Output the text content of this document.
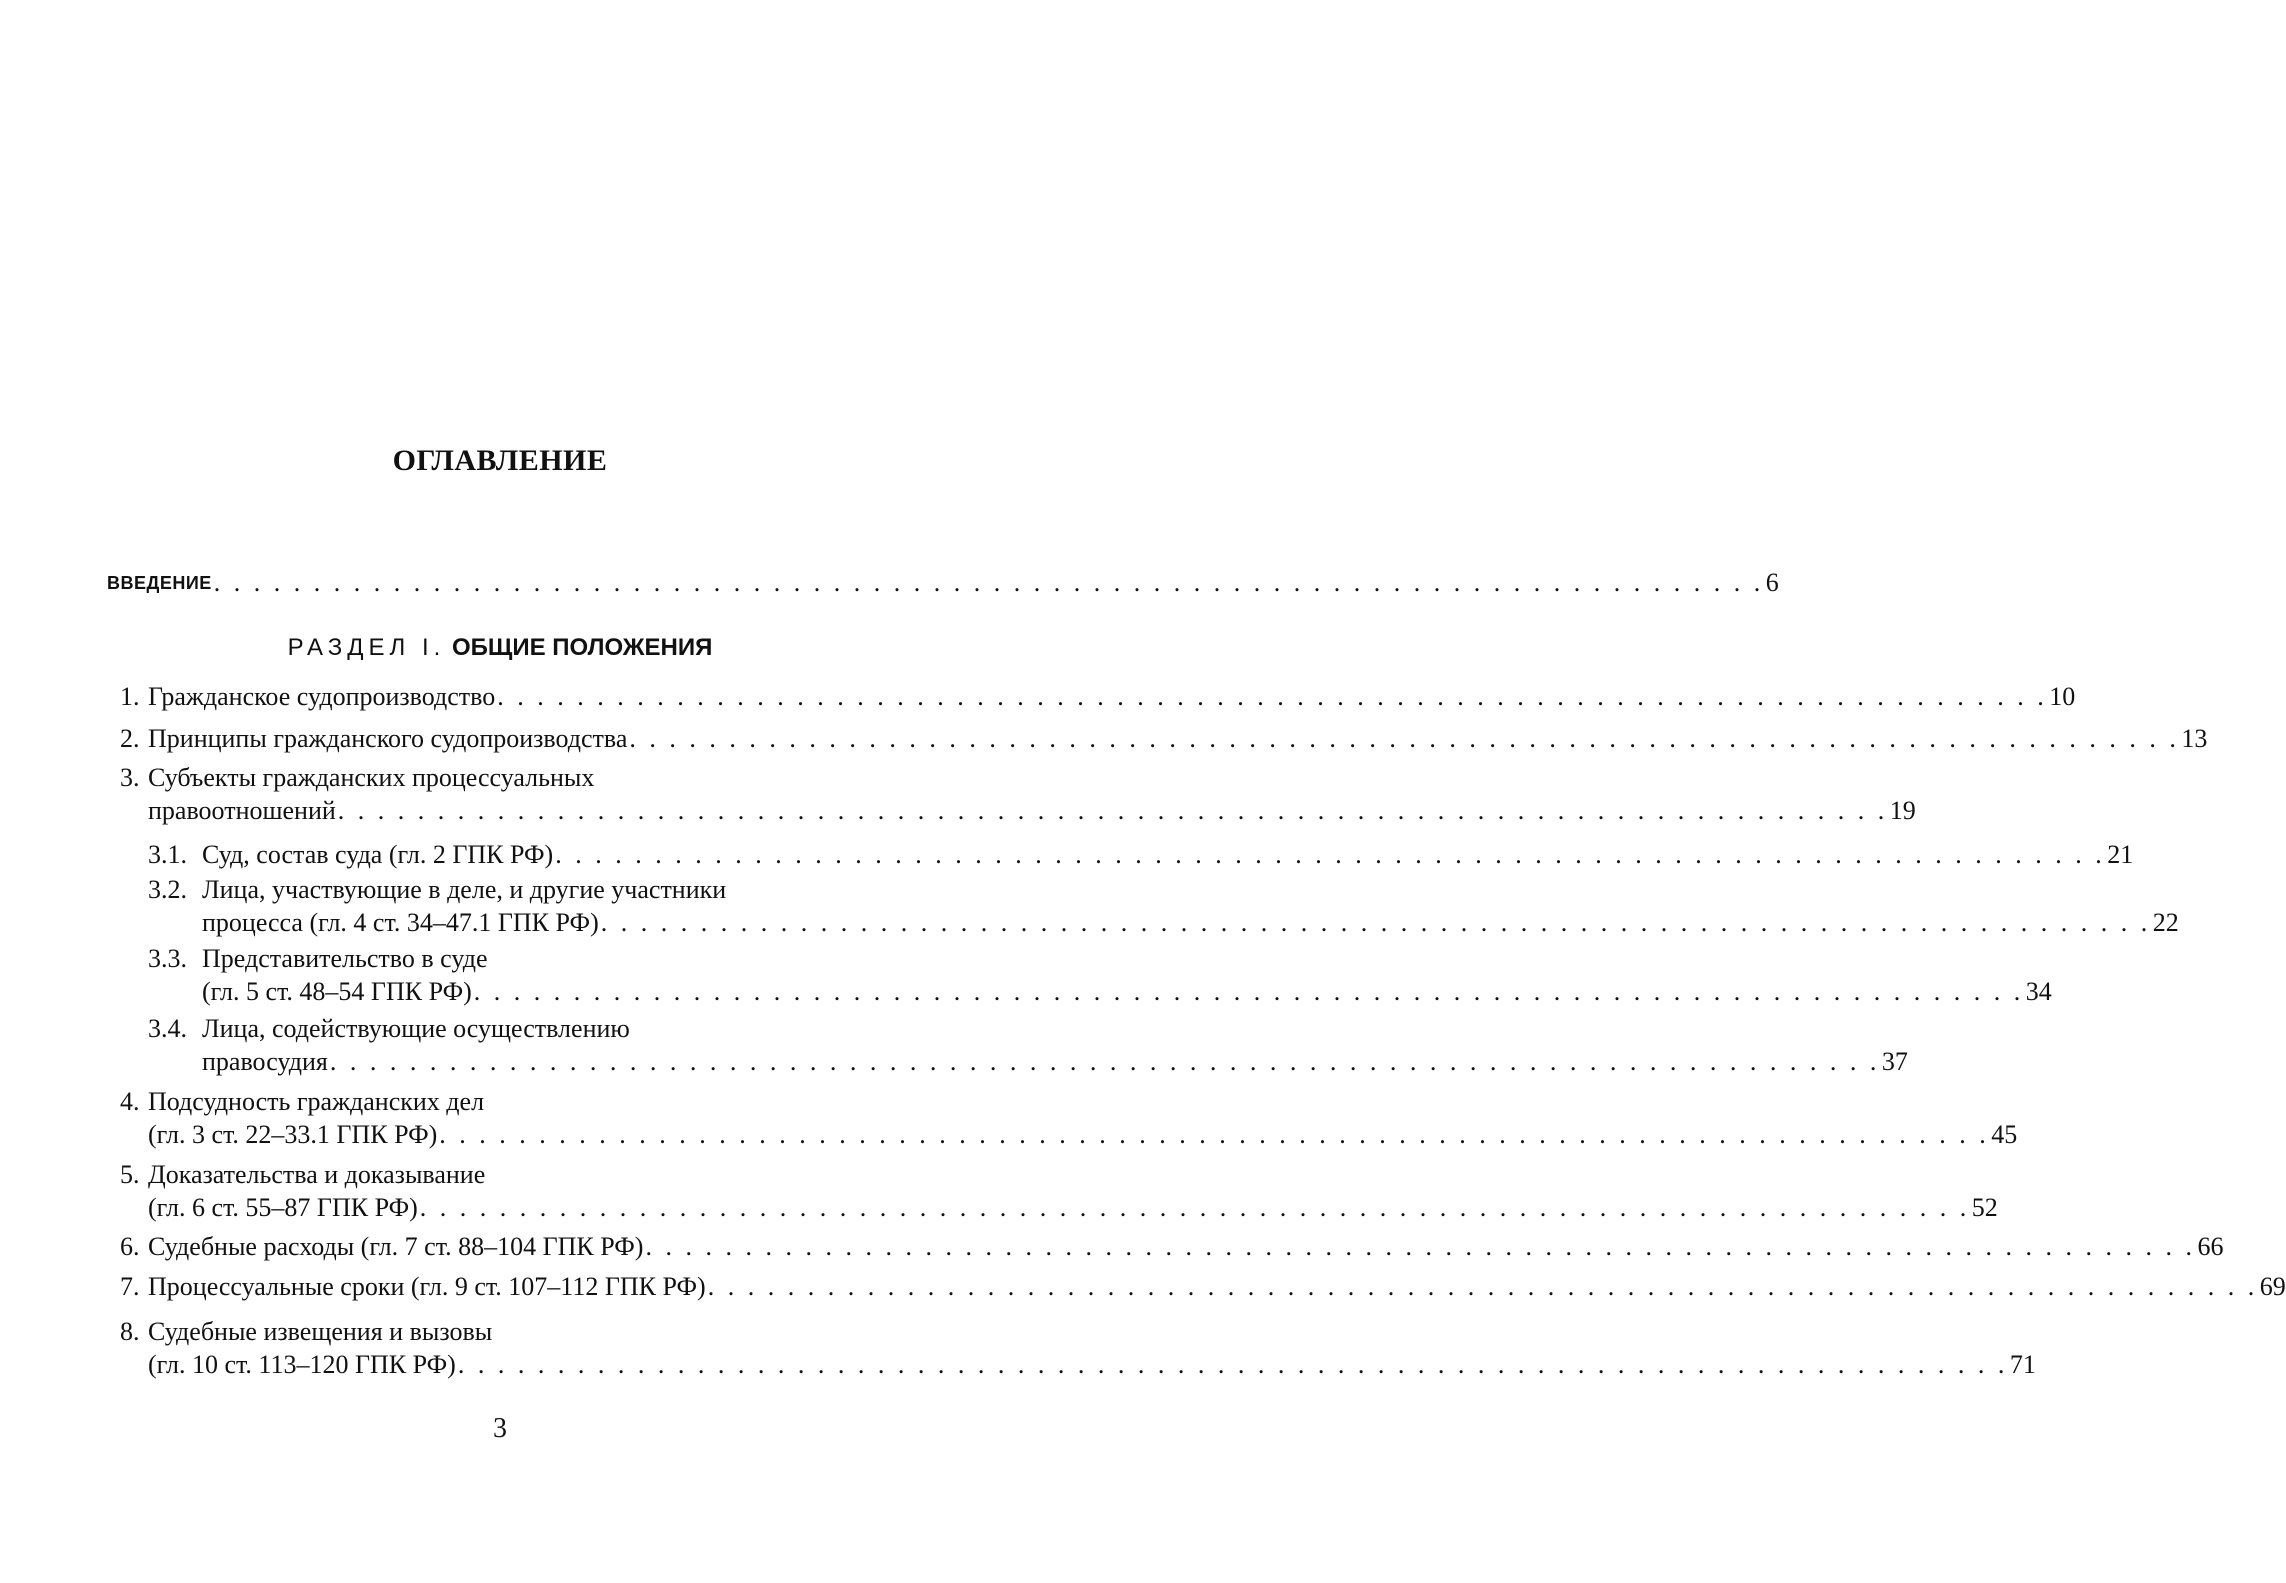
ОГЛАВЛЕНИЕ
ВВЕДЕНИЕ . . . . . . . . . . . . . . . . . . . . . . . . . . . . . . . . . . . . . . . . . . . . . . . . . . . . . . . . . . . . . . . . . . . . . . . . . . . . . . 6
РАЗДЕЛ I. ОБЩИЕ ПОЛОЖЕНИЯ
1. Гражданское судопроизводство . . . . . . . . . . . . . . . . . . . . . . . . . . . . . . . . . . . . . . . . . . . . . . . . . . . . . . . . . . . . . . . . . . . . . . . . . . . . . . 10
2. Принципы гражданского судопроизводства . . . . . . . . . . . . . . . . . . . . . . . . . . . . . . . . . . . . . . . . . . . . . . . . . . . . . . . . . . . . . . . . . . . . . . . . . . . . . . 13
3. Субъекты гражданских процессуальных
правоотношений . . . . . . . . . . . . . . . . . . . . . . . . . . . . . . . . . . . . . . . . . . . . . . . . . . . . . . . . . . . . . . . . . . . . . . . . . . . . . . 19
3.1. Суд, состав суда (гл. 2 ГПК РФ) . . . . . . . . . . . . . . . . . . . . . . . . . . . . . . . . . . . . . . . . . . . . . . . . . . . . . . . . . . . . . . . . . . . . . . . . . . . . . . 21
3.2. Лица, участвующие в деле, и другие участники
процесса (гл. 4 ст. 34–47.1 ГПК РФ) . . . . . . . . . . . . . . . . . . . . . . . . . . . . . . . . . . . . . . . . . . . . . . . . . . . . . . . . . . . . . . . . . . . . . . . . . . . . . . 22
3.3. Представительство в суде
(гл. 5 ст. 48–54 ГПК РФ) . . . . . . . . . . . . . . . . . . . . . . . . . . . . . . . . . . . . . . . . . . . . . . . . . . . . . . . . . . . . . . . . . . . . . . . . . . . . . . 34
3.4. Лица, содействующие осуществлению
правосудия . . . . . . . . . . . . . . . . . . . . . . . . . . . . . . . . . . . . . . . . . . . . . . . . . . . . . . . . . . . . . . . . . . . . . . . . . . . . . . 37
4. Подсудность гражданских дел
(гл. 3 ст. 22–33.1 ГПК РФ) . . . . . . . . . . . . . . . . . . . . . . . . . . . . . . . . . . . . . . . . . . . . . . . . . . . . . . . . . . . . . . . . . . . . . . . . . . . . . . 45
5. Доказательства и доказывание
(гл. 6 ст. 55–87 ГПК РФ) . . . . . . . . . . . . . . . . . . . . . . . . . . . . . . . . . . . . . . . . . . . . . . . . . . . . . . . . . . . . . . . . . . . . . . . . . . . . . . 52
6. Судебные расходы (гл. 7 ст. 88–104 ГПК РФ) . . . . . . . . . . . . . . . . . . . . . . . . . . . . . . . . . . . . . . . . . . . . . . . . . . . . . . . . . . . . . . . . . . . . . . . . . . . . . . 66
7. Процессуальные сроки (гл. 9 ст. 107–112 ГПК РФ) . . . . . . . . . . . . . . . . . . . . . . . . . . . . . . . . . . . . . . . . . . . . . . . . . . . . . . . . . . . . . . . . . . . . . . . . . . . . . . 69
8. Судебные извещения и вызовы
(гл. 10 ст. 113–120 ГПК РФ) . . . . . . . . . . . . . . . . . . . . . . . . . . . . . . . . . . . . . . . . . . . . . . . . . . . . . . . . . . . . . . . . . . . . . . . . . . . . . . 71
3
